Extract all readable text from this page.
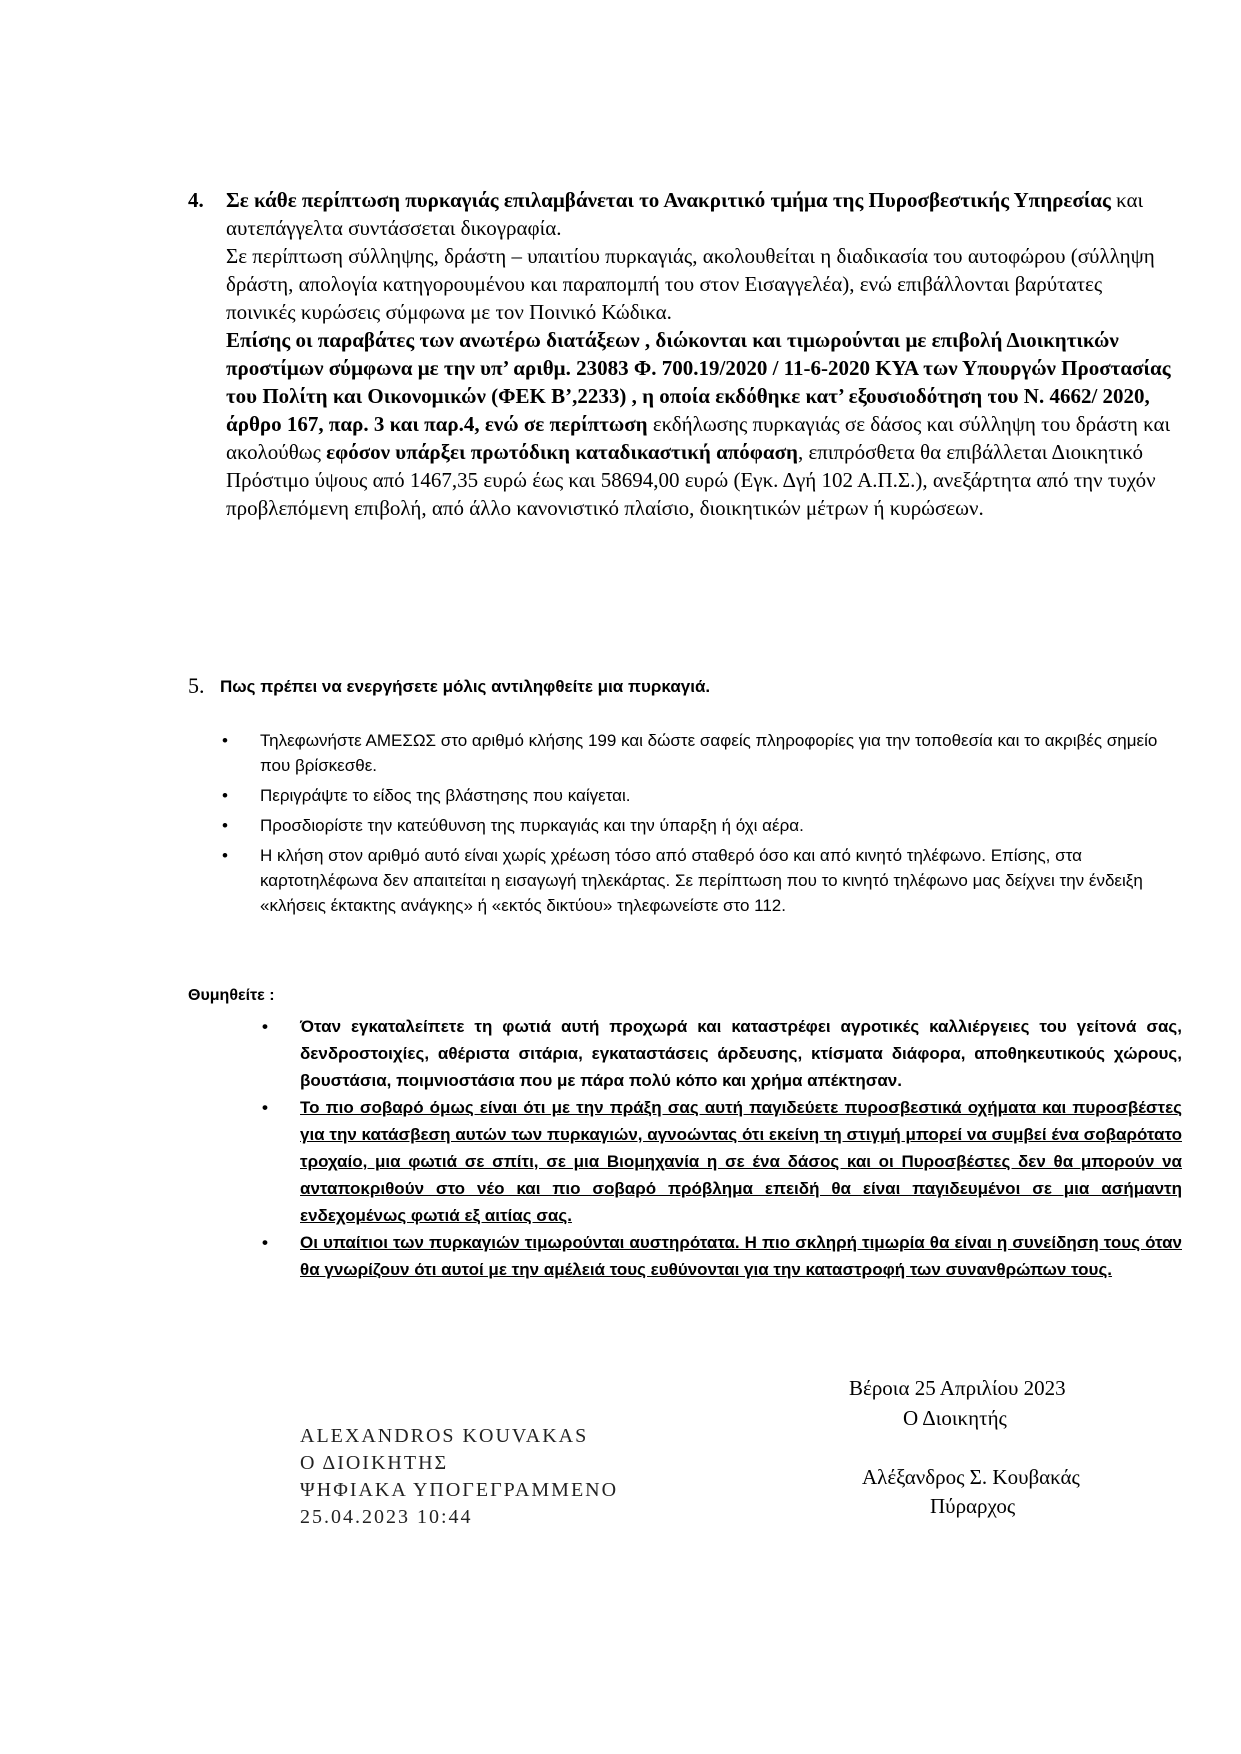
4. Σε κάθε περίπτωση πυρκαγιάς επιλαμβάνεται το Ανακριτικό τμήμα της Πυροσβεστικής Υπηρεσίας και αυτεπάγγελτα συντάσσεται δικογραφία.

Σε περίπτωση σύλληψης, δράστη – υπαιτίου πυρκαγιάς, ακολουθείται η διαδικασία του αυτοφώρου (σύλληψη δράστη, απολογία κατηγορουμένου και παραπομπή του στον Εισαγγελέα), ενώ επιβάλλονται βαρύτατες ποινικές κυρώσεις σύμφωνα με τον Ποινικό Κώδικα.

Επίσης οι παραβάτες των ανωτέρω διατάξεων , διώκονται και τιμωρούνται με επιβολή Διοικητικών προστίμων σύμφωνα με την υπ’ αριθμ. 23083 Φ. 700.19/2020 / 11-6-2020 ΚΥΑ των Υπουργών Προστασίας του Πολίτη και Οικονομικών (ΦΕΚ Β’,2233) , η οποία εκδόθηκε κατ’ εξουσιοδότηση του Ν. 4662/ 2020, άρθρο 167, παρ. 3 και παρ.4, ενώ σε περίπτωση εκδήλωσης πυρκαγιάς σε δάσος και σύλληψη του δράστη και ακολούθως εφόσον υπάρξει πρωτόδικη καταδικαστική απόφαση, επιπρόσθετα θα επιβάλλεται Διοικητικό Πρόστιμο ύψους από 1467,35 ευρώ έως και 58694,00 ευρώ (Εγκ. Δγή 102 Α.Π.Σ.), ανεξάρτητα από την τυχόν προβλεπόμενη επιβολή, από άλλο κανονιστικό πλαίσιο, διοικητικών μέτρων ή κυρώσεων.

5. Πως πρέπει να ενεργήσετε μόλις αντιληφθείτε μια πυρκαγιά.
• Τηλεφωνήστε ΑΜΕΣΩΣ στο αριθμό κλήσης 199 και δώστε σαφείς πληροφορίες για την τοποθεσία και το ακριβές σημείο που βρίσκεσθε.
• Περιγράψτε το είδος της βλάστησης που καίγεται.
• Προσδιορίστε την κατεύθυνση της πυρκαγιάς και την ύπαρξη ή όχι αέρα.
• Η κλήση στον αριθμό αυτό είναι χωρίς χρέωση τόσο από σταθερό όσο και από κινητό τηλέφωνο. Επίσης, στα καρτοτηλέφωνα δεν απαιτείται η εισαγωγή τηλεκάρτας. Σε περίπτωση που το κινητό τηλέφωνο μας δείχνει την ένδειξη «κλήσεις έκτακτης ανάγκης» ή «εκτός δικτύου» τηλεφωνείστε στο 112.
Θυμηθείτε :
• Όταν εγκαταλείπετε τη φωτιά αυτή προχωρά και καταστρέφει αγροτικές καλλιέργειες του γείτονά σας, δενδροστοιχίες, αθέριστα σιτάρια, εγκαταστάσεις άρδευσης, κτίσματα διάφορα, αποθηκευτικούς χώρους, βουστάσια, ποιμνιοστάσια που με πάρα πολύ κόπο και χρήμα απέκτησαν.
• Το πιο σοβαρό όμως είναι ότι με την πράξη σας αυτή παγιδεύετε πυροσβεστικά οχήματα και πυροσβέστες για την κατάσβεση αυτών των πυρκαγιών, αγνοώντας ότι εκείνη τη στιγμή μπορεί να συμβεί ένα σοβαρότατο τροχαίο, μια φωτιά σε σπίτι, σε μια Βιομηχανία η σε ένα δάσος και οι Πυροσβέστες δεν θα μπορούν να ανταποκριθούν στο νέο και πιο σοβαρό πρόβλημα επειδή θα είναι παγιδευμένοι σε μια ασήμαντη ενδεχομένως φωτιά εξ αιτίας σας.
• Οι υπαίτιοι των πυρκαγιών τιμωρούνται αυστηρότατα. Η πιο σκληρή τιμωρία θα είναι η συνείδηση τους όταν θα γνωρίζουν ότι αυτοί με την αμέλειά τους ευθύνονται για την καταστροφή των συνανθρώπων τους.
Βέροια 25 Απριλίου 2023
Ο Διοικητής
Αλέξανδρος Σ. Κουβακάς
Πύραρχος
ALEXANDROS KOUVAKAS
Ο ΔΙΟΙΚΗΤΗΣ
ΨΗΦΙΑΚΑ ΥΠΟΓΕΓΡΑΜΜΕΝΟ
25.04.2023 10:44
